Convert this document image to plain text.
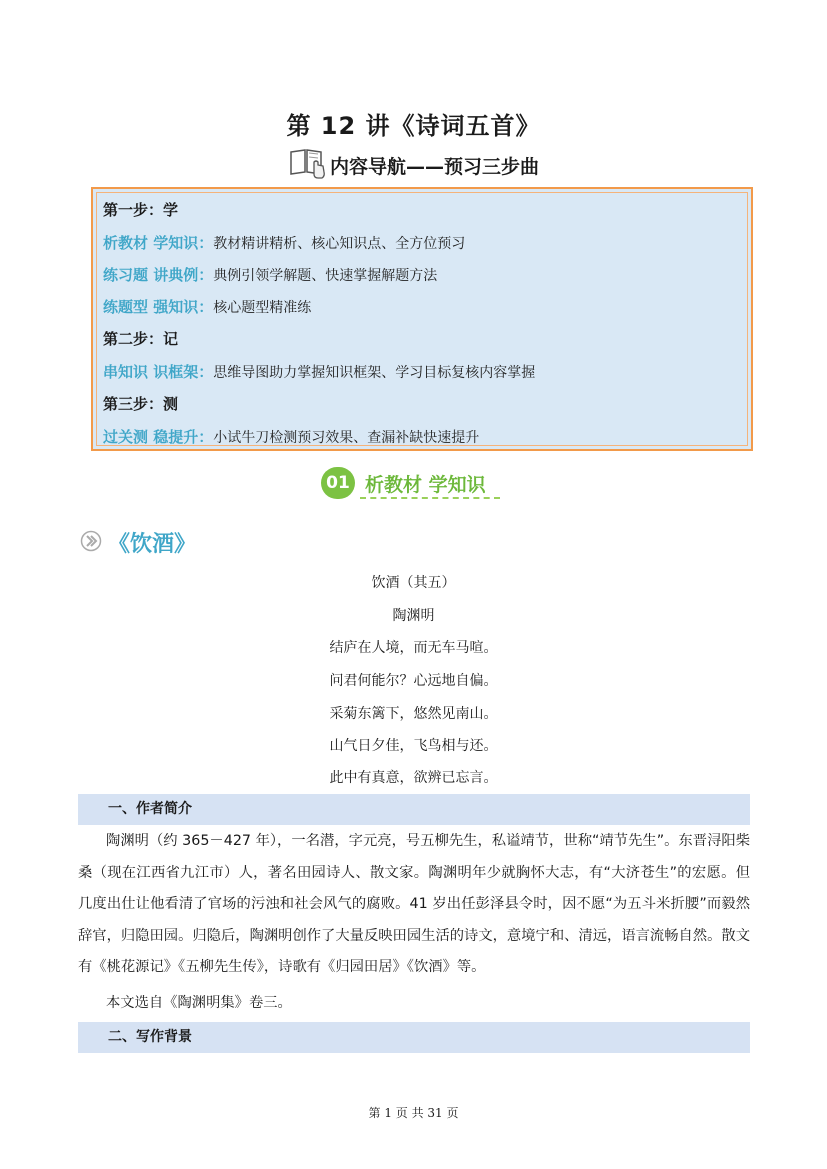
第 12 讲《诗词五首》
内容导航——预习三步曲
第一步：学
析教材 学知识：教材精讲精析、核心知识点、全方位预习
练习题 讲典例：典例引领学解题、快速掌握解题方法
练题型 强知识：核心题型精准练
第二步：记
串知识 识框架：思维导图助力掌握知识框架、学习目标复核内容掌握
第三步：测
过关测 稳提升：小试牛刀检测预习效果、查漏补缺快速提升
01 析教材 学知识
《饮酒》
饮酒（其五）
陶渊明
结庐在人境，而无车马喧。
问君何能尔？心远地自偏。
采菊东篱下，悠然见南山。
山气日夕佳，飞鸟相与还。
此中有真意，欲辨已忘言。
一、作者简介
陶渊明（约 365－427 年），一名潜，字元亮，号五柳先生，私谥靖节，世称“靖节先生”。东晋浔阳柴桑（现在江西省九江市）人，著名田园诗人、散文家。陶渊明年少就胸怀大志，有“大济苍生”的宏愿。但几度出仕让他看清了官场的污浊和社会风气的腐败。41 岁出任彭泽县令时，因不愿“为五斗米折腰”而毅然辞官，归隐田园。归隐后，陶渊明创作了大量反映田园生活的诗文，意境宁和、清远，语言流畅自然。散文有《桃花源记》《五柳先生传》，诗歌有《归园田居》《饮酒》等。
本文选自《陶渊明集》卷三。
二、写作背景
第 1 页 共 31 页
